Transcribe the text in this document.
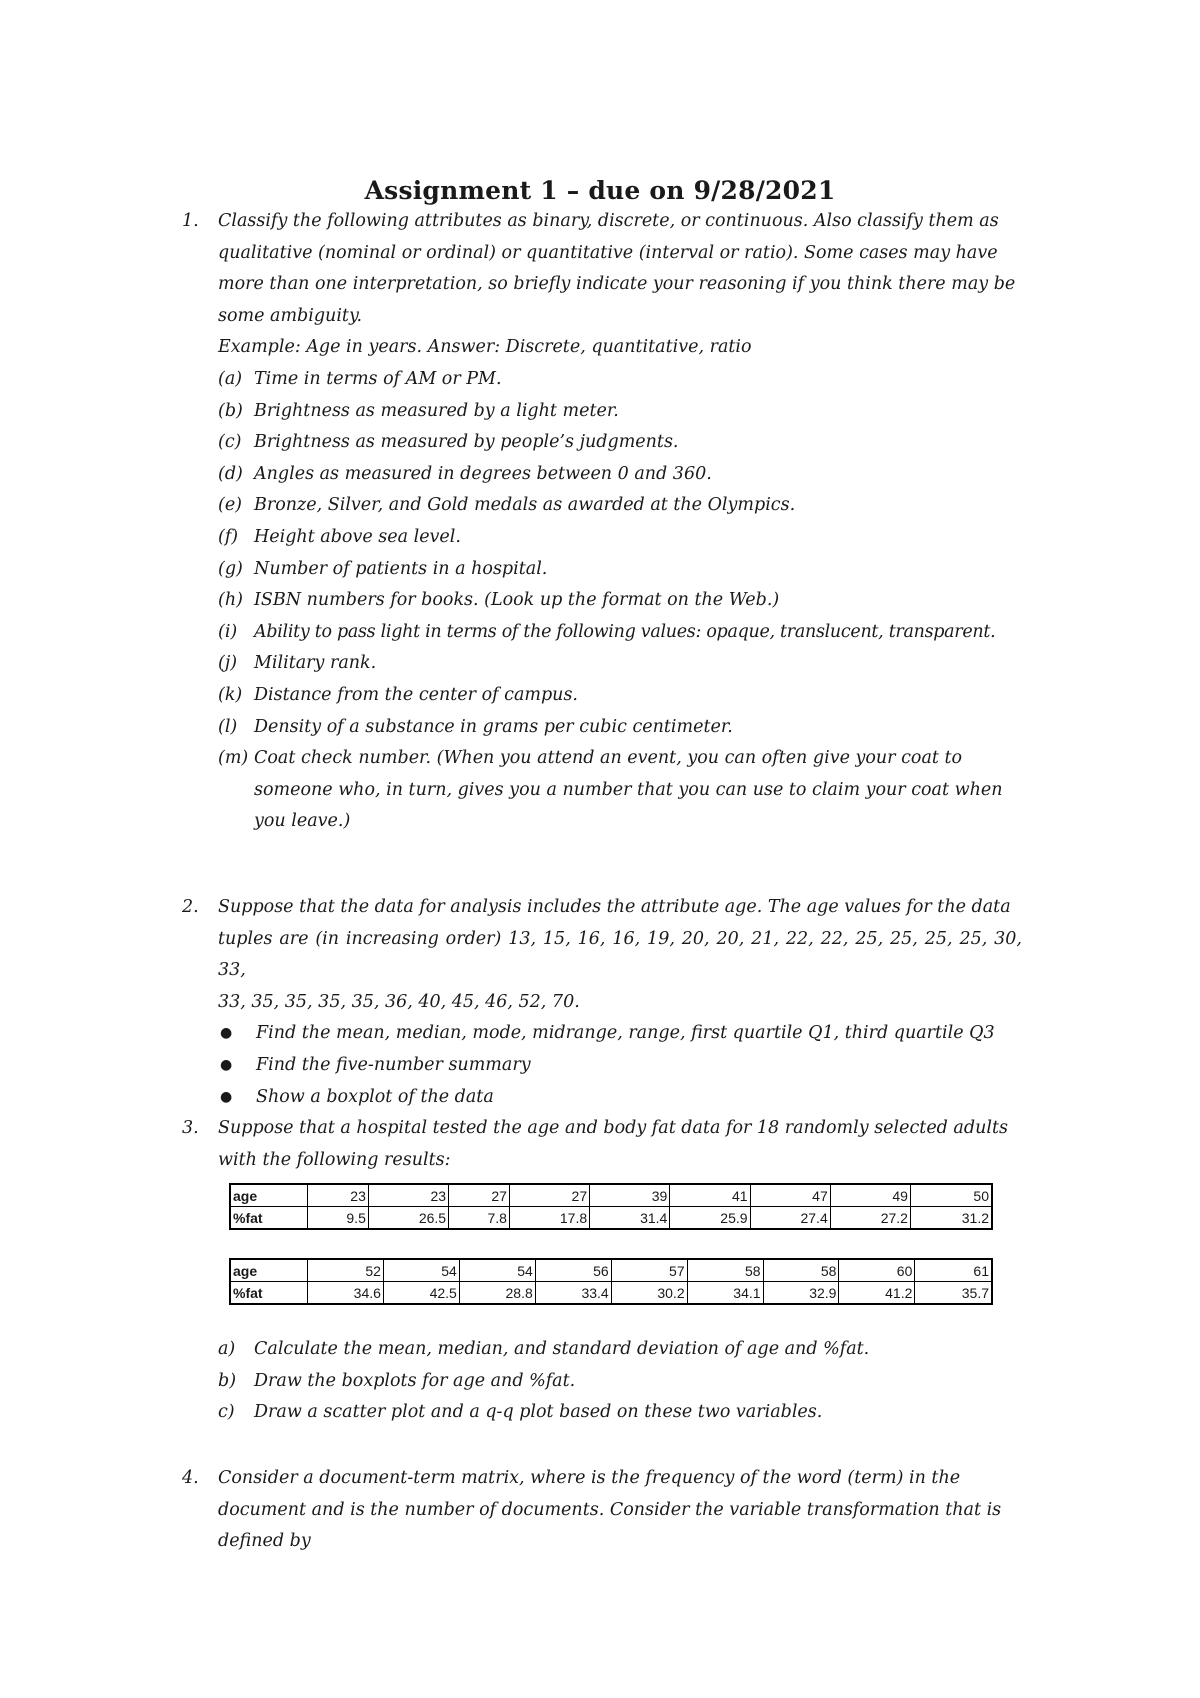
Assignment 1 – due on 9/28/2021
1. Classify the following attributes as binary, discrete, or continuous. Also classify them as
qualitative (nominal or ordinal) or quantitative (interval or ratio). Some cases may have
more than one interpretation, so briefly indicate your reasoning if you think there may be
some ambiguity.
Example: Age in years. Answer: Discrete, quantitative, ratio
(a) Time in terms of AM or PM.
(b) Brightness as measured by a light meter.
(c) Brightness as measured by people’s judgments.
(d) Angles as measured in degrees between 0 and 360.
(e) Bronze, Silver, and Gold medals as awarded at the Olympics.
(f) Height above sea level.
(g) Number of patients in a hospital.
(h) ISBN numbers for books. (Look up the format on the Web.)
(i) Ability to pass light in terms of the following values: opaque, translucent, transparent.
(j) Military rank.
(k) Distance from the center of campus.
(l) Density of a substance in grams per cubic centimeter.
(m) Coat check number. (When you attend an event, you can often give your coat to
someone who, in turn, gives you a number that you can use to claim your coat when
you leave.)
2. Suppose that the data for analysis includes the attribute age. The age values for the data
tuples are (in increasing order) 13, 15, 16, 16, 19, 20, 20, 21, 22, 22, 25, 25, 25, 25, 30, 33,
33, 35, 35, 35, 35, 36, 40, 45, 46, 52, 70.
●	Find the mean, median, mode, midrange, range, first quartile Q1, third quartile Q3
●	Find the five-number summary
●	Show a boxplot of the data
3. Suppose that a hospital tested the age and body fat data for 18 randomly selected adults
with the following results:
age	23	23	27	27	39	41	47	49	50
%fat	9.5	26.5	7.8	17.8	31.4	25.9	27.4	27.2	31.2
age	52	54	54	56	57	58	58	60	61
%fat	34.6	42.5	28.8	33.4	30.2	34.1	32.9	41.2	35.7
a)	Calculate the mean, median, and standard deviation of age and %fat.
b)	Draw the boxplots for age and %fat.
c)	Draw a scatter plot and a q-q plot based on these two variables.
4. Consider a document-term matrix, where is the frequency of the word (term) in the
document and is the number of documents. Consider the variable transformation that is
defined by
